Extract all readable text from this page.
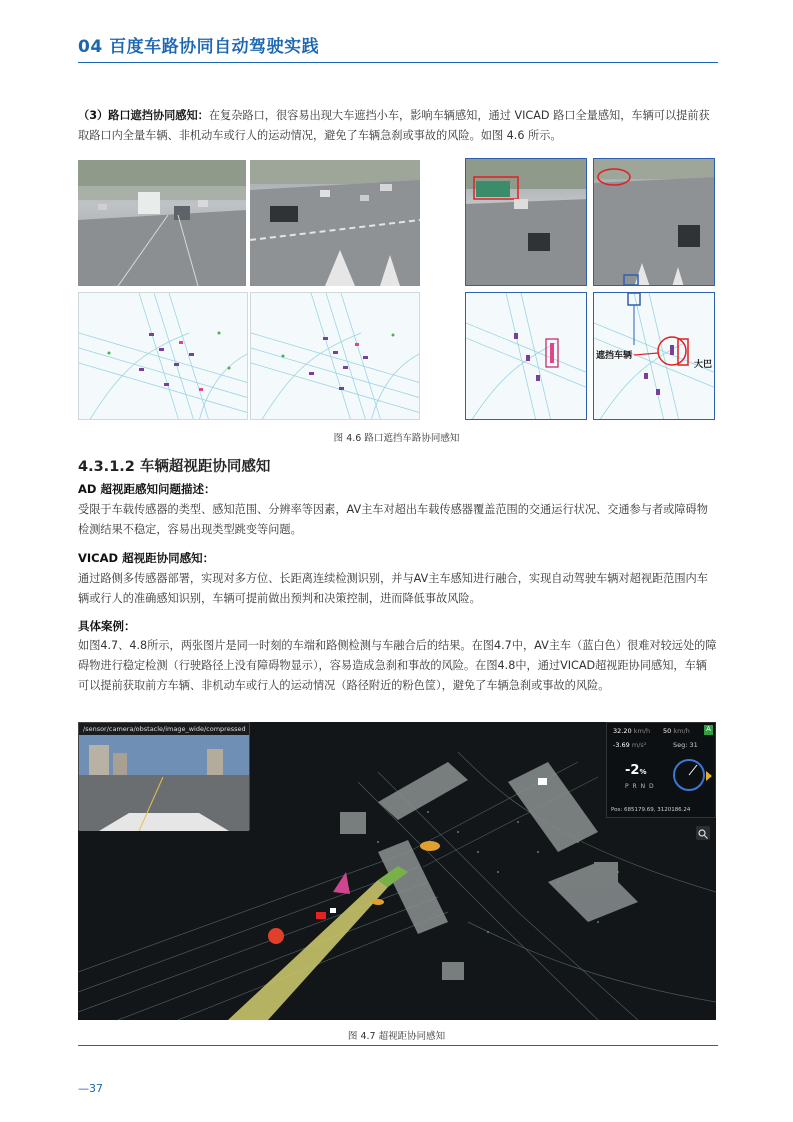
04 百度车路协同自动驾驶实践

（3）路口遮挡协同感知：在复杂路口，很容易出现大车遮挡小车，影响车辆感知，通过 VICAD 路口全量感知，车辆可以提前获取路口内全量车辆、非机动车或行人的运动情况，避免了车辆急刹或事故的风险。如图 4.6 所示。

遮挡车辆
大巴
图 4.6 路口遮挡车路协同感知
4.3.1.2 车辆超视距协同感知
AD 超视距感知问题描述：

受限于车载传感器的类型、感知范围、分辨率等因素，AV主车对超出车载传感器覆盖范围的交通运行状况、交通参与者或障碍物检测结果不稳定，容易出现类型跳变等问题。

VICAD 超视距协同感知：

通过路侧多传感器部署，实现对多方位、长距离连续检测识别，并与AV主车感知进行融合，实现自动驾驶车辆对超视距范围内车辆或行人的准确感知识别，车辆可提前做出预判和决策控制，进而降低事故风险。

具体案例：

如图4.7、4.8所示，两张图片是同一时刻的车端和路侧检测与车融合后的结果。在图4.7中，AV主车（蓝白色）很难对较远处的障碍物进行稳定检测（行驶路径上没有障碍物显示），容易造成急刹和事故的风险。在图4.8中，通过VICAD超视距协同感知，车辆可以提前获取前方车辆、非机动车或行人的运动情况（路径附近的粉色筐），避免了车辆急刹或事故的风险。

/sensor/camera/obstacle/image_wide/compressed	32.20 km/h 50 km/h A
-3.69 m/s²	Seg: 31
-2%
P R N D
Pos: 685179.69, 3120186.24
图 4.7 超视距协同感知
—37
